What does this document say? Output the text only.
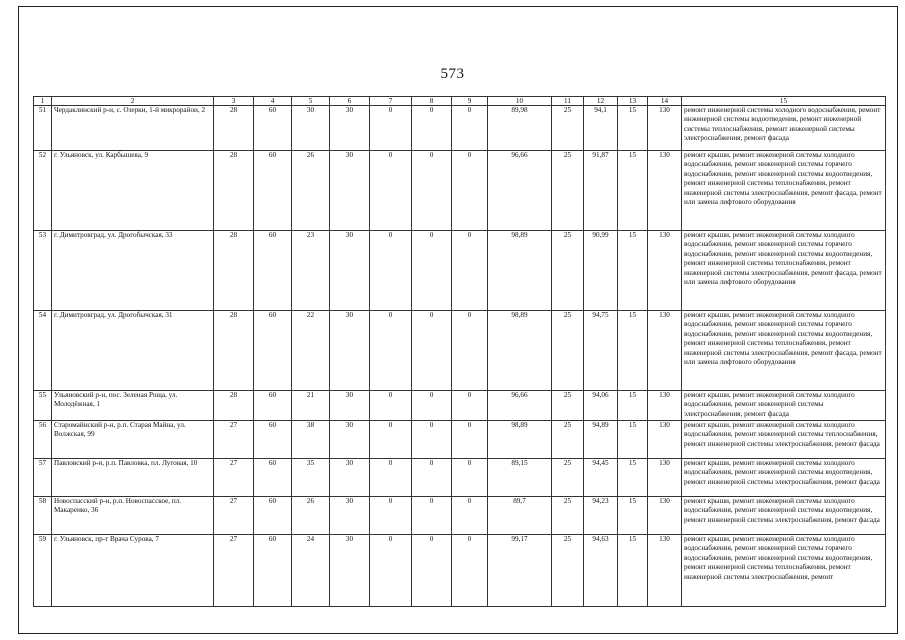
573
1	2	3	4	5	6	7	8	9	10	11	12	13	14	15
51	Чердаклинский р-н, с. Озерки, 1-й микрорайон, 2	28	60	30	30	0	0	0	89,98	25	94,1	15	130	ремонт инженерной системы холодного водоснабжения, ремонт инженерной системы водоотведения, ремонт инженерной системы теплоснабжения, ремонт инженерной системы электроснабжения, ремонт фасада
52	г. Ульяновск, ул. Карбышева, 9	28	60	26	30	0	0	0	96,66	25	91,87	15	130	ремонт крыши, ремонт инженерной системы холодного водоснабжения, ремонт инженерной системы горячего водоснабжения, ремонт инженерной системы водоотведения, ремонт инженерной системы теплоснабжения, ремонт инженерной системы электроснабжения, ремонт фасада, ремонт или замена лифтового оборудования
53	г. Димитровград, ул. Дрогобычская, 33	28	60	23	30	0	0	0	98,89	25	90,99	15	130	ремонт крыши, ремонт инженерной системы холодного водоснабжения, ремонт инженерной системы горячего водоснабжения, ремонт инженерной системы водоотведения, ремонт инженерной системы теплоснабжения, ремонт инженерной системы электроснабжения, ремонт фасада, ремонт или замена лифтового оборудования
54	г. Димитровград, ул. Дрогобычская, 31	28	60	22	30	0	0	0	98,89	25	94,75	15	130	ремонт крыши, ремонт инженерной системы холодного водоснабжения, ремонт инженерной системы горячего водоснабжения, ремонт инженерной системы водоотведения, ремонт инженерной системы теплоснабжения, ремонт инженерной системы электроснабжения, ремонт фасада, ремонт или замена лифтового оборудования
55	Ульяновский р-н, пос. Зеленая Роща, ул. Молодёжная, 1	28	60	21	30	0	0	0	96,66	25	94,06	15	130	ремонт крыши, ремонт инженерной системы холодного водоснабжения, ремонт инженерной системы электроснабжения, ремонт фасада
56	Старомайнский р-н, р.п. Старая Майна, ул. Волжская, 99	27	60	38	30	0	0	0	98,89	25	94,89	15	130	ремонт крыши, ремонт инженерной системы холодного водоснабжения, ремонт инженерной системы теплоснабжения, ремонт инженерной системы электроснабжения, ремонт фасада
57	Павловский р-н, р.п. Павловка, пл. Луговая, 10	27	60	35	30	0	0	0	89,15	25	94,45	15	130	ремонт крыши, ремонт инженерной системы холодного водоснабжения, ремонт инженерной системы водоотведения, ремонт инженерной системы электроснабжения, ремонт фасада
58	Новоспасский р-н, р.п. Новоспасское, пл. Макаренко, 36	27	60	26	30	0	0	0	89,7	25	94,23	15	130	ремонт крыши, ремонт инженерной системы холодного водоснабжения, ремонт инженерной системы водоотведения, ремонт инженерной системы электроснабжения, ремонт фасада
59	г. Ульяновск, пр-т Врача Сурова, 7	27	60	24	30	0	0	0	99,17	25	94,63	15	130	ремонт крыши, ремонт инженерной системы холодного водоснабжения, ремонт инженерной системы горячего водоснабжения, ремонт инженерной системы водоотведения, ремонт инженерной системы теплоснабжения, ремонт инженерной системы электроснабжения, ремонт
